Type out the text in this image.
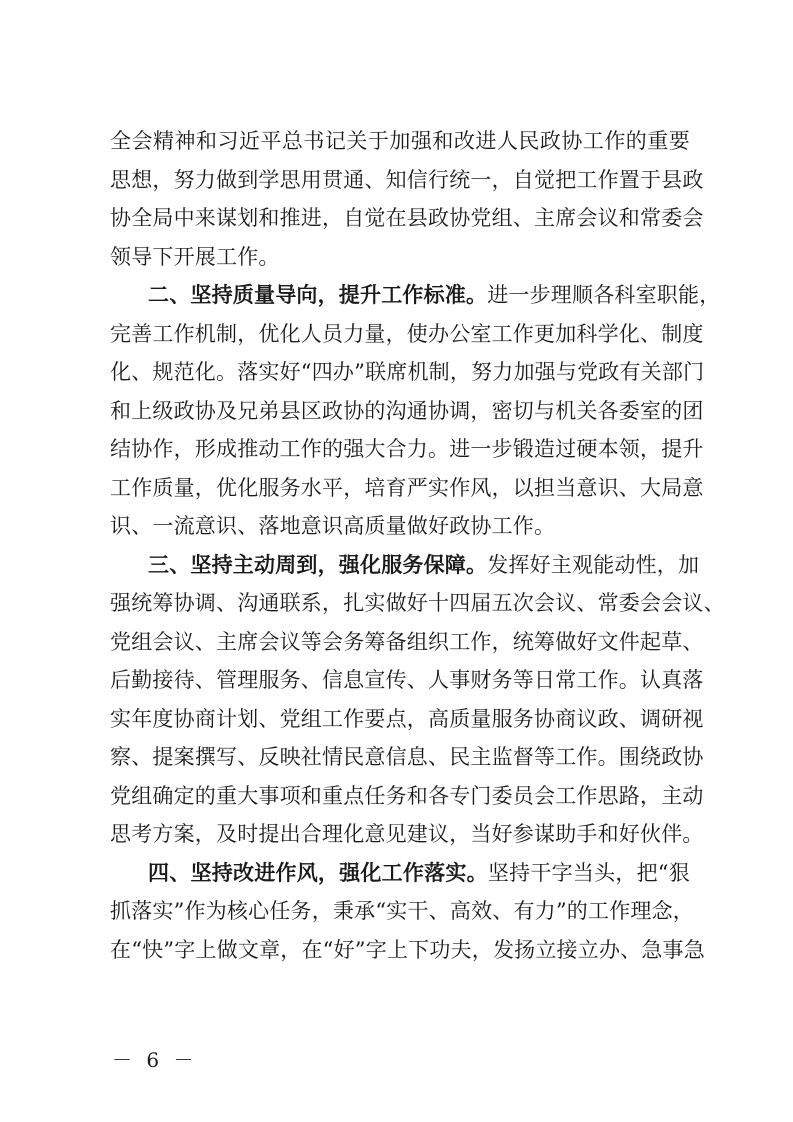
全会精神和习近平总书记关于加强和改进人民政协工作的重要
思想，努力做到学思用贯通、知信行统一，自觉把工作置于县政
协全局中来谋划和推进，自觉在县政协党组、主席会议和常委会
领导下开展工作。
二、坚持质量导向，提升工作标准。进一步理顺各科室职能，
完善工作机制，优化人员力量，使办公室工作更加科学化、制度
化、规范化。落实好“四办”联席机制，努力加强与党政有关部门
和上级政协及兄弟县区政协的沟通协调，密切与机关各委室的团
结协作，形成推动工作的强大合力。进一步锻造过硬本领，提升
工作质量，优化服务水平，培育严实作风，以担当意识、大局意
识、一流意识、落地意识高质量做好政协工作。
三、坚持主动周到，强化服务保障。发挥好主观能动性，加
强统筹协调、沟通联系，扎实做好十四届五次会议、常委会会议、
党组会议、主席会议等会务筹备组织工作，统筹做好文件起草、
后勤接待、管理服务、信息宣传、人事财务等日常工作。认真落
实年度协商计划、党组工作要点，高质量服务协商议政、调研视
察、提案撰写、反映社情民意信息、民主监督等工作。围绕政协
党组确定的重大事项和重点任务和各专门委员会工作思路，主动
思考方案，及时提出合理化意见建议，当好参谋助手和好伙伴。
四、坚持改进作风，强化工作落实。坚持干字当头，把“狠
抓落实”作为核心任务，秉承“实干、高效、有力”的工作理念，
在“快”字上做文章，在“好”字上下功夫，发扬立接立办、急事急
－ 6 －
